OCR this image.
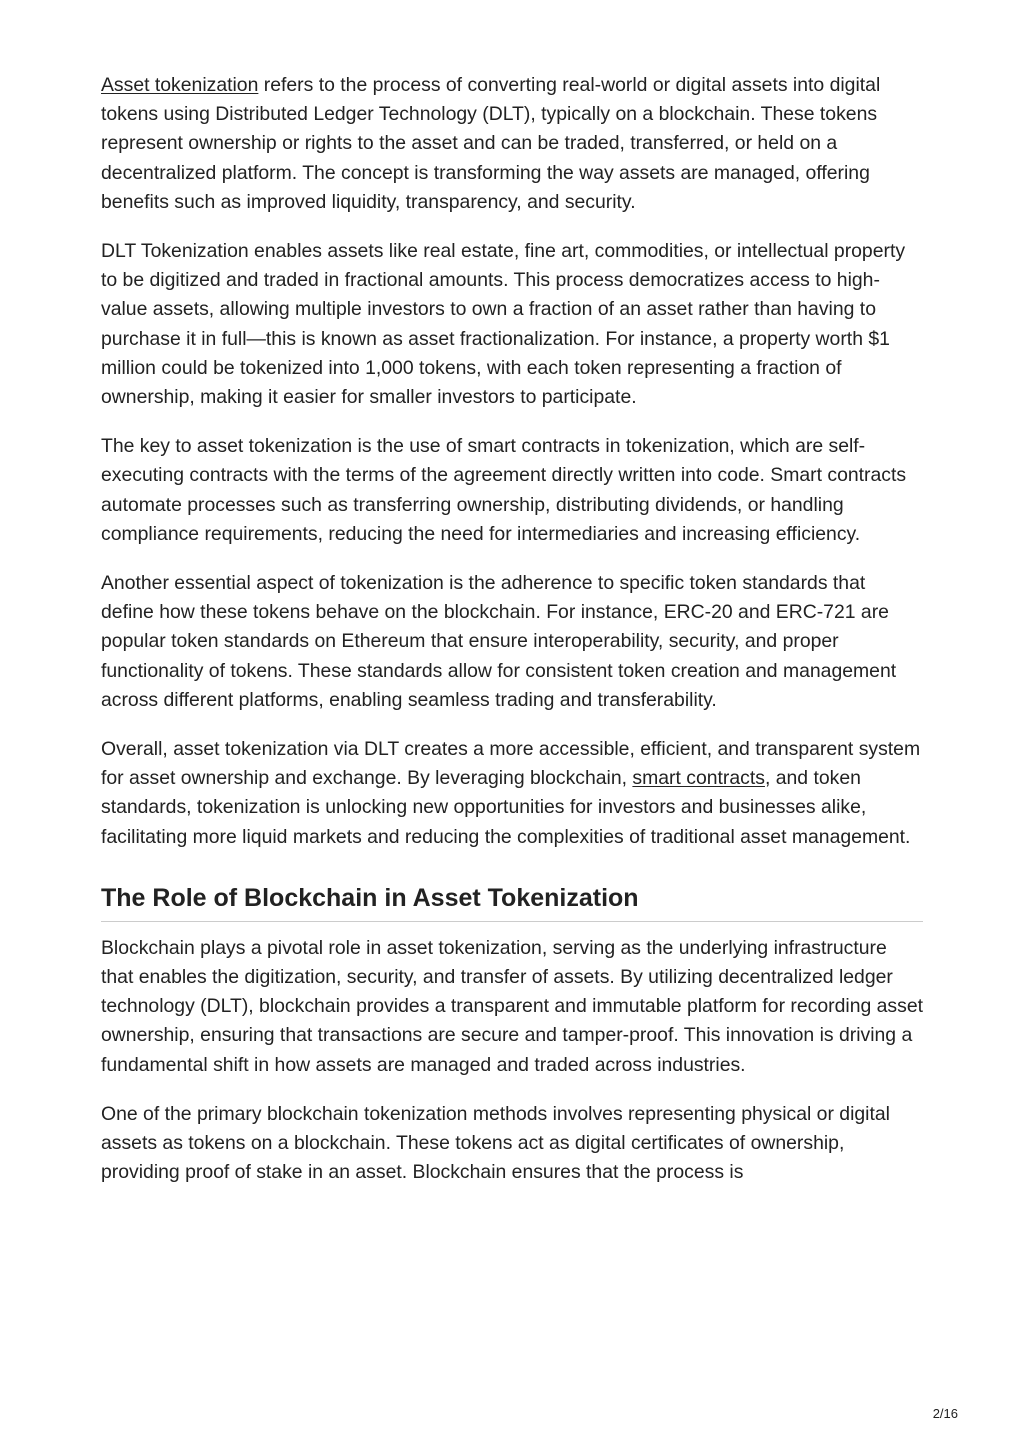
Asset tokenization refers to the process of converting real-world or digital assets into digital tokens using Distributed Ledger Technology (DLT), typically on a blockchain. These tokens represent ownership or rights to the asset and can be traded, transferred, or held on a decentralized platform. The concept is transforming the way assets are managed, offering benefits such as improved liquidity, transparency, and security.

DLT Tokenization enables assets like real estate, fine art, commodities, or intellectual property to be digitized and traded in fractional amounts. This process democratizes access to high-value assets, allowing multiple investors to own a fraction of an asset rather than having to purchase it in full—this is known as asset fractionalization. For instance, a property worth $1 million could be tokenized into 1,000 tokens, with each token representing a fraction of ownership, making it easier for smaller investors to participate.

The key to asset tokenization is the use of smart contracts in tokenization, which are self-executing contracts with the terms of the agreement directly written into code. Smart contracts automate processes such as transferring ownership, distributing dividends, or handling compliance requirements, reducing the need for intermediaries and increasing efficiency.

Another essential aspect of tokenization is the adherence to specific token standards that define how these tokens behave on the blockchain. For instance, ERC-20 and ERC-721 are popular token standards on Ethereum that ensure interoperability, security, and proper functionality of tokens. These standards allow for consistent token creation and management across different platforms, enabling seamless trading and transferability.

Overall, asset tokenization via DLT creates a more accessible, efficient, and transparent system for asset ownership and exchange. By leveraging blockchain, smart contracts, and token standards, tokenization is unlocking new opportunities for investors and businesses alike, facilitating more liquid markets and reducing the complexities of traditional asset management.

The Role of Blockchain in Asset Tokenization

Blockchain plays a pivotal role in asset tokenization, serving as the underlying infrastructure that enables the digitization, security, and transfer of assets. By utilizing decentralized ledger technology (DLT), blockchain provides a transparent and immutable platform for recording asset ownership, ensuring that transactions are secure and tamper-proof. This innovation is driving a fundamental shift in how assets are managed and traded across industries.

One of the primary blockchain tokenization methods involves representing physical or digital assets as tokens on a blockchain. These tokens act as digital certificates of ownership, providing proof of stake in an asset. Blockchain ensures that the process is

2/16
